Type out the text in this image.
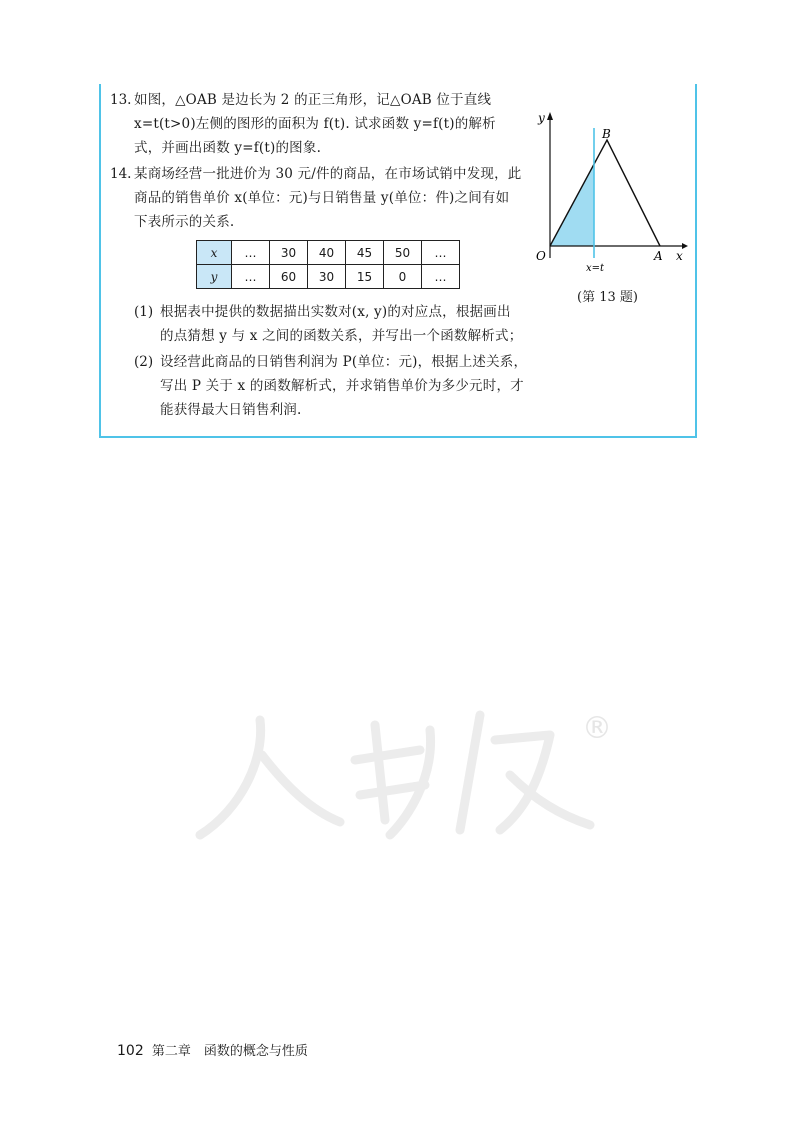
13. 如图，△OAB 是边长为 2 的正三角形，记△OAB 位于直线
x=t(t>0)左侧的图形的面积为 f(t). 试求函数 y=f(t)的解析
式，并画出函数 y=f(t)的图象.
14. 某商场经营一批进价为 30 元/件的商品，在市场试销中发现，此
商品的销售单价 x(单位：元)与日销售量 y(单位：件)之间有如
下表所示的关系.
x	…	30	40	45	50	…
y	…	60	30	15	0	…
(1) 根据表中提供的数据描出实数对(x, y)的对应点，根据画出
的点猜想 y 与 x 之间的函数关系，并写出一个函数解析式；
(2) 设经营此商品的日销售利润为 P(单位：元)，根据上述关系，
写出 P 关于 x 的函数解析式，并求销售单价为多少元时，才
能获得最大日销售利润.
y
x
O	A
B
x=t
(第 13 题)
®
102 第二章　函数的概念与性质
